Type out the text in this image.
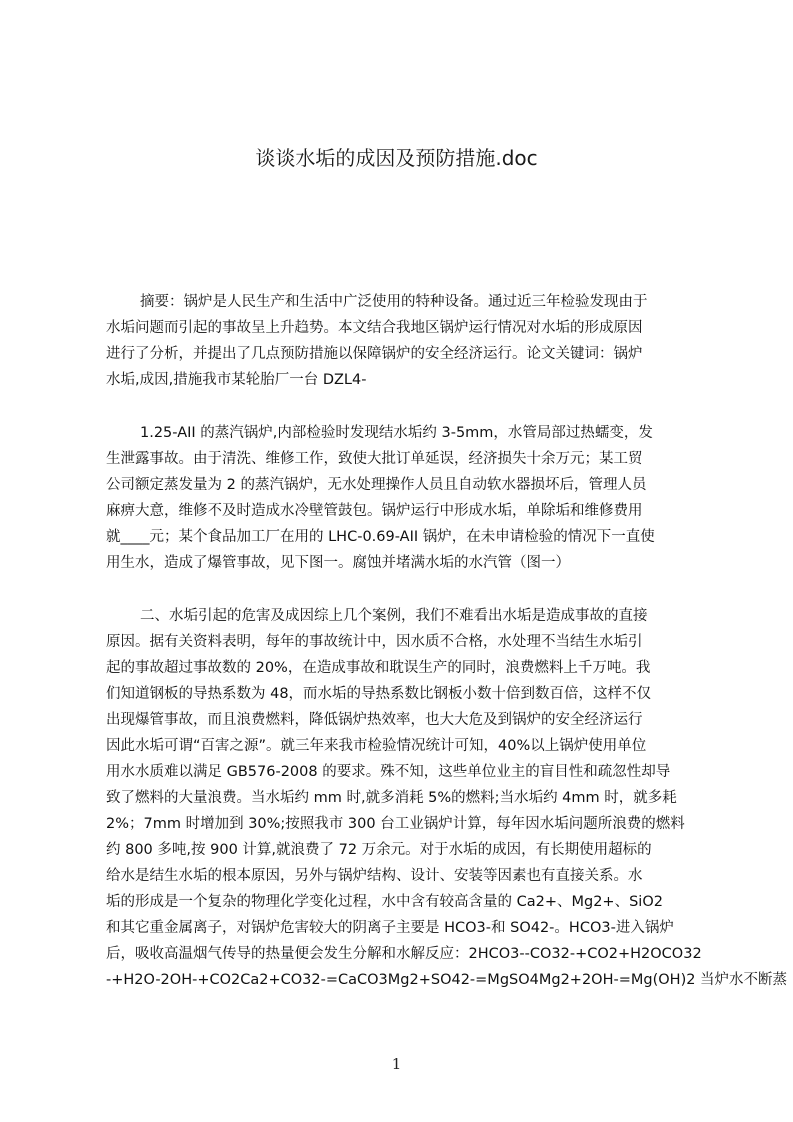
谈谈水垢的成因及预防措施.doc
摘要：锅炉是人民生产和生活中广泛使用的特种设备。通过近三年检验发现由于
水垢问题而引起的事故呈上升趋势。本文结合我地区锅炉运行情况对水垢的形成原因
进行了分析，并提出了几点预防措施以保障锅炉的安全经济运行。论文关键词：锅炉
水垢,成因,措施我市某轮胎厂一台 DZL4-
1.25-AII 的蒸汽锅炉,内部检验时发现结水垢约 3-5mm，水管局部过热蠕变，发
生泄露事故。由于清洗、维修工作，致使大批订单延误，经济损失十余万元；某工贸
公司额定蒸发量为 2 的蒸汽锅炉，无水处理操作人员且自动软水器损坏后，管理人员
麻痹大意，维修不及时造成水冷壁管鼓包。锅炉运行中形成水垢，单除垢和维修费用
就____元；某个食品加工厂在用的 LHC-0.69-AII 锅炉，在未申请检验的情况下一直使
用生水，造成了爆管事故，见下图一。腐蚀并堵满水垢的水汽管（图一）
二、水垢引起的危害及成因综上几个案例，我们不难看出水垢是造成事故的直接
原因。据有关资料表明，每年的事故统计中，因水质不合格，水处理不当结生水垢引
起的事故超过事故数的 20%，在造成事故和耽误生产的同时，浪费燃料上千万吨。我
们知道钢板的导热系数为 48，而水垢的导热系数比钢板小数十倍到数百倍，这样不仅
出现爆管事故，而且浪费燃料，降低锅炉热效率，也大大危及到锅炉的安全经济运行
因此水垢可谓“百害之源”。就三年来我市检验情况统计可知，40%以上锅炉使用单位
用水水质难以满足 GB576-2008 的要求。殊不知，这些单位业主的盲目性和疏忽性却导
致了燃料的大量浪费。当水垢约 mm 时,就多消耗 5%的燃料;当水垢约 4mm 时，就多耗
2%；7mm 时增加到 30%;按照我市 300 台工业锅炉计算，每年因水垢问题所浪费的燃料
约 800 多吨,按 900 计算,就浪费了 72 万余元。对于水垢的成因，有长期使用超标的
给水是结生水垢的根本原因，另外与锅炉结构、设计、安装等因素也有直接关系。水
垢的形成是一个复杂的物理化学变化过程，水中含有较高含量的 Ca2+、Mg2+、SiO2
和其它重金属离子，对锅炉危害较大的阴离子主要是 HCO3-和 SO42-。HCO3-进入锅炉
后，吸收高温烟气传导的热量便会发生分解和水解反应：2HCO3--CO32-+CO2+H2OCO32
-+H2O-2OH-+CO2Ca2+CO32-=CaCO3Mg2+SO42-=MgSO4Mg2+2OH-=Mg(OH)2 当炉水不断蒸
1
